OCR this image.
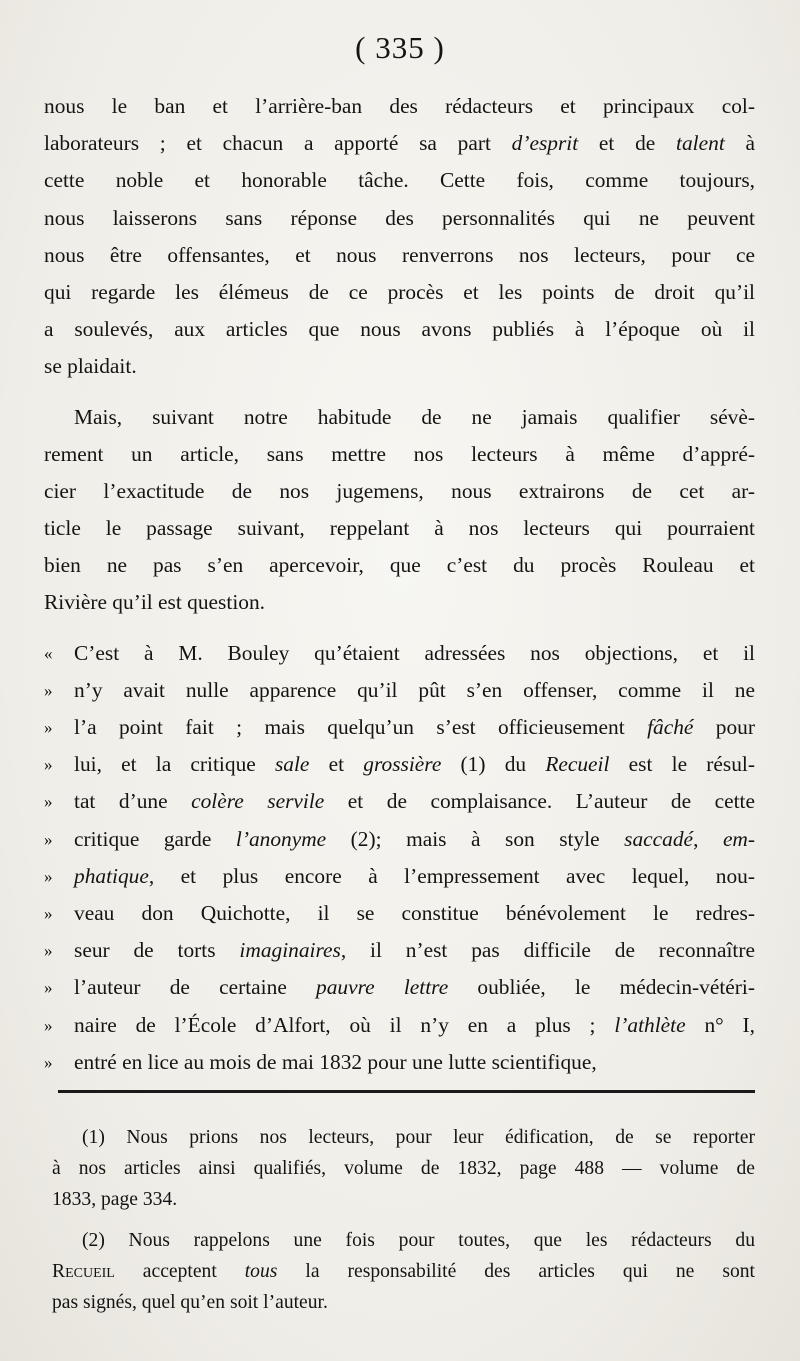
( 335 )
nous le ban et l’arrière-ban des rédacteurs et principaux col-
laborateurs ; et chacun a apporté sa part d’esprit et de talent à
cette noble et honorable tâche. Cette fois, comme toujours,
nous laisserons sans réponse des personnalités qui ne peuvent
nous être offensantes, et nous renverrons nos lecteurs, pour ce
qui regarde les élémeus de ce procès et les points de droit qu’il
a soulevés, aux articles que nous avons publiés à l’époque où il
se plaidait.
Mais, suivant notre habitude de ne jamais qualifier sévè-
rement un article, sans mettre nos lecteurs à même d’appré-
cier l’exactitude de nos jugemens, nous extrairons de cet ar-
ticle le passage suivant, reppelant à nos lecteurs qui pourraient
bien ne pas s’en apercevoir, que c’est du procès Rouleau et
Rivière qu’il est question.
« C’est à M. Bouley qu’étaient adressées nos objections, et il
» n’y avait nulle apparence qu’il pût s’en offenser, comme il ne
» l’a point fait ; mais quelqu’un s’est officieusement fâché pour
» lui, et la critique sale et grossière (1) du Recueil est le résul-
» tat d’une colère servile et de complaisance. L’auteur de cette
» critique garde l’anonyme (2); mais à son style saccadé, em-
» phatique, et plus encore à l’empressement avec lequel, nou-
» veau don Quichotte, il se constitue bénévolement le redres-
» seur de torts imaginaires, il n’est pas difficile de reconnaître
» l’auteur de certaine pauvre lettre oubliée, le médecin-vétéri-
» naire de l’École d’Alfort, où il n’y en a plus ; l’athlète n° I,
» entré en lice au mois de mai 1832 pour une lutte scientifique,
(1) Nous prions nos lecteurs, pour leur édification, de se reporter
à nos articles ainsi qualifiés, volume de 1832, page 488 — volume de
1833, page 334.
(2) Nous rappelons une fois pour toutes, que les rédacteurs du
Recueil acceptent tous la responsabilité des articles qui ne sont
pas signés, quel qu’en soit l’auteur.
